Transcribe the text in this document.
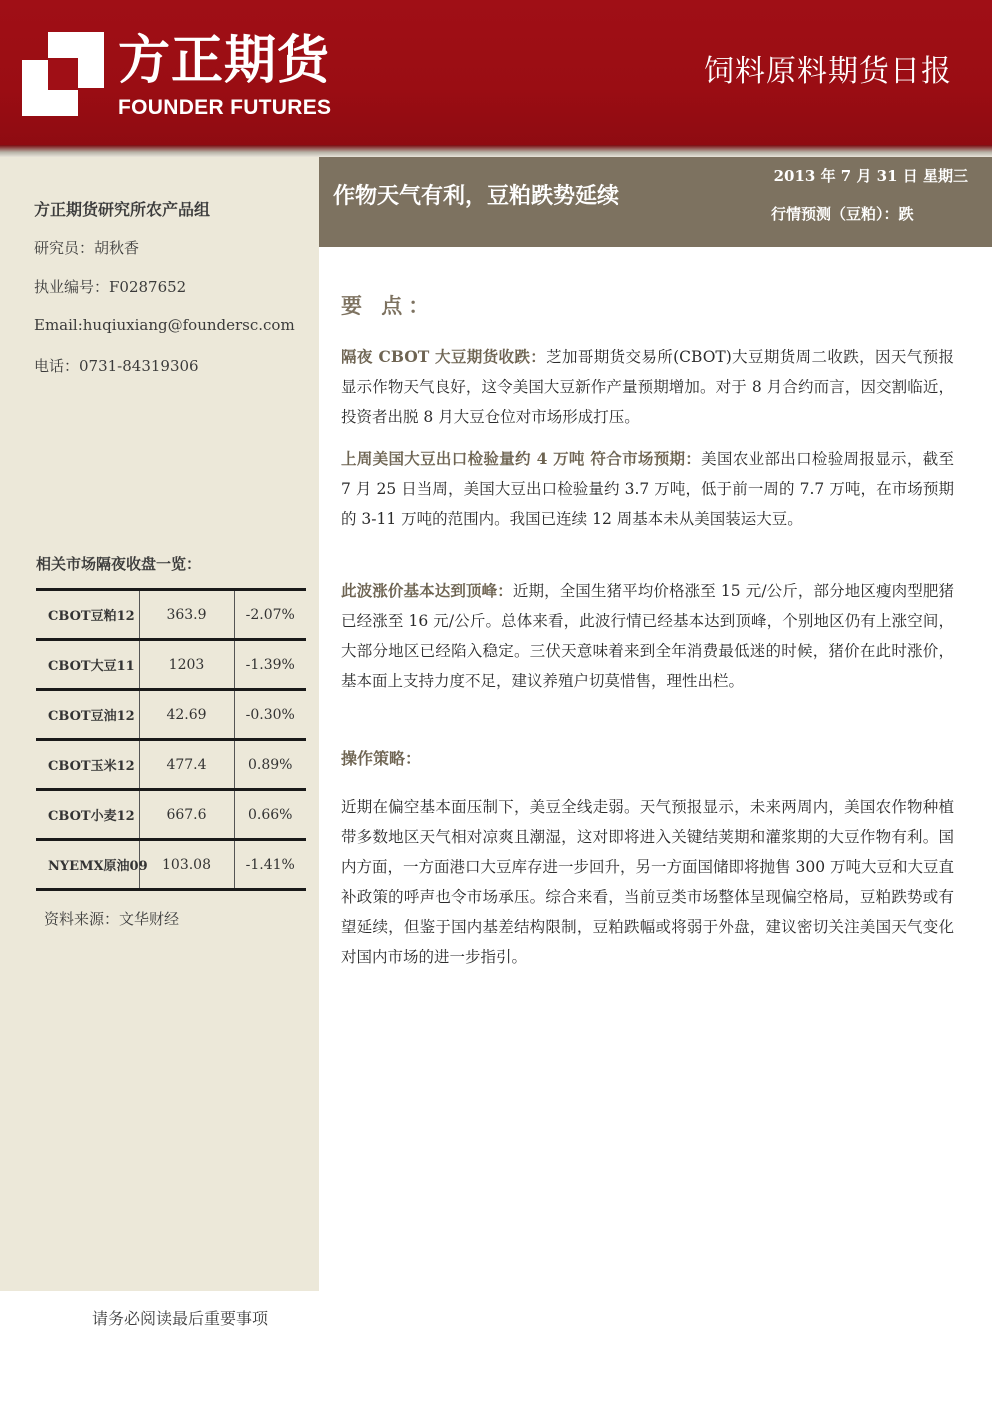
方正期货
FOUNDER FUTURES
饲料原料期货日报
方正期货研究所农产品组
研究员：胡秋香
执业编号：F0287652
Email:huqiuxiang@foundersc.com
电话：0731-84319306
相关市场隔夜收盘一览：
CBOT豆粕12	363.9	-2.07%
CBOT大豆11	1203	-1.39%
CBOT豆油12	42.69	-0.30%
CBOT玉米12	477.4	0.89%
CBOT小麦12	667.6	0.66%
NYEMX原油09	103.08	-1.41%
资料来源：文华财经
请务必阅读最后重要事项
作物天气有利，豆粕跌势延续
2013 年 7 月 31 日 星期三
行情预测（豆粕）：跌
要 点：

隔夜 CBOT 大豆期货收跌：芝加哥期货交易所(CBOT)大豆期货周二收跌，因天气预报显示作物天气良好，这令美国大豆新作产量预期增加。对于 8 月合约而言，因交割临近，投资者出脱 8 月大豆仓位对市场形成打压。

上周美国大豆出口检验量约 4 万吨 符合市场预期：美国农业部出口检验周报显示，截至 7 月 25 日当周，美国大豆出口检验量约 3.7 万吨，低于前一周的 7.7 万吨，在市场预期的 3-11 万吨的范围内。我国已连续 12 周基本未从美国装运大豆。

此波涨价基本达到顶峰：近期，全国生猪平均价格涨至 15 元/公斤，部分地区瘦肉型肥猪已经涨至 16 元/公斤。总体来看，此波行情已经基本达到顶峰，个别地区仍有上涨空间，大部分地区已经陷入稳定。三伏天意味着来到全年消费最低迷的时候，猪价在此时涨价，基本面上支持力度不足，建议养殖户切莫惜售，理性出栏。

操作策略：

近期在偏空基本面压制下，美豆全线走弱。天气预报显示，未来两周内，美国农作物种植带多数地区天气相对凉爽且潮湿，这对即将进入关键结荚期和灌浆期的大豆作物有利。国内方面，一方面港口大豆库存进一步回升，另一方面国储即将抛售 300 万吨大豆和大豆直补政策的呼声也令市场承压。综合来看，当前豆类市场整体呈现偏空格局，豆粕跌势或有望延续，但鉴于国内基差结构限制，豆粕跌幅或将弱于外盘，建议密切关注美国天气变化对国内市场的进一步指引。
